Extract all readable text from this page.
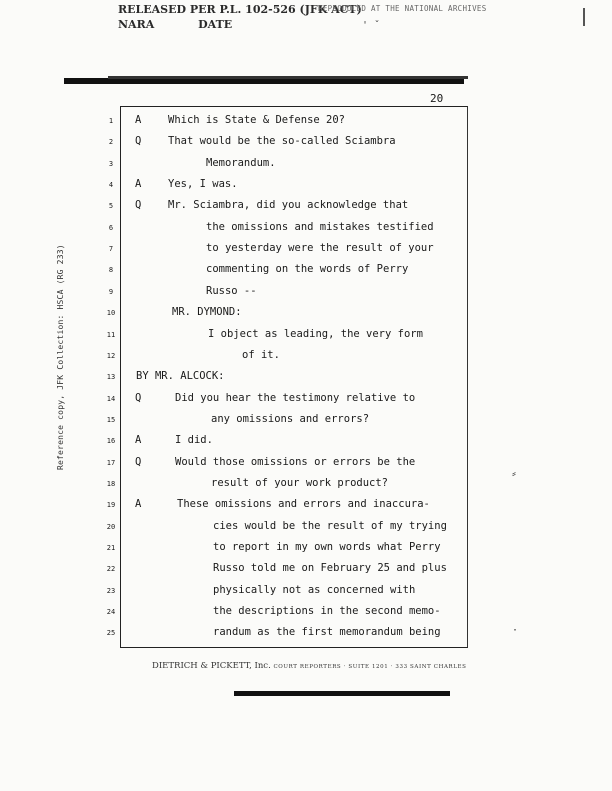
RELEASED PER P.L. 102-526 (JFK ACT)
NARA	DATE
REPRODUCED AT THE NATIONAL ARCHIVES
' ˇ
20
Reference copy, JFK Collection: HSCA (RG 233)
1	A	Which is State & Defense 20?
2	Q	That would be the so-called Sciambra
3	Memorandum.
4	A	Yes, I was.
5	Q	Mr. Sciambra, did you acknowledge that
6	the omissions and mistakes testified
7	to yesterday were the result of your
8	commenting on the words of Perry
9	Russo --
10	MR. DYMOND:
11	I object as leading, the very form
12	of it.
13	BY MR. ALCOCK:
14	Q	Did you hear the testimony relative to
15	any omissions and errors?
16	A	I did.
17	Q	Would those omissions or errors be the
18	result of your work product?
19	A	These omissions and errors and inaccura-
20	cies would be the result of my trying
21	to report in my own words what Perry
22	Russo told me on February 25 and plus
23	physically not as concerned with
24	the descriptions in the second memo-
25	randum as the first memorandum being
⸗
·
DIETRICH & PICKETT, Inc. COURT REPORTERS · SUITE 1201 · 333 SAINT CHARLES
